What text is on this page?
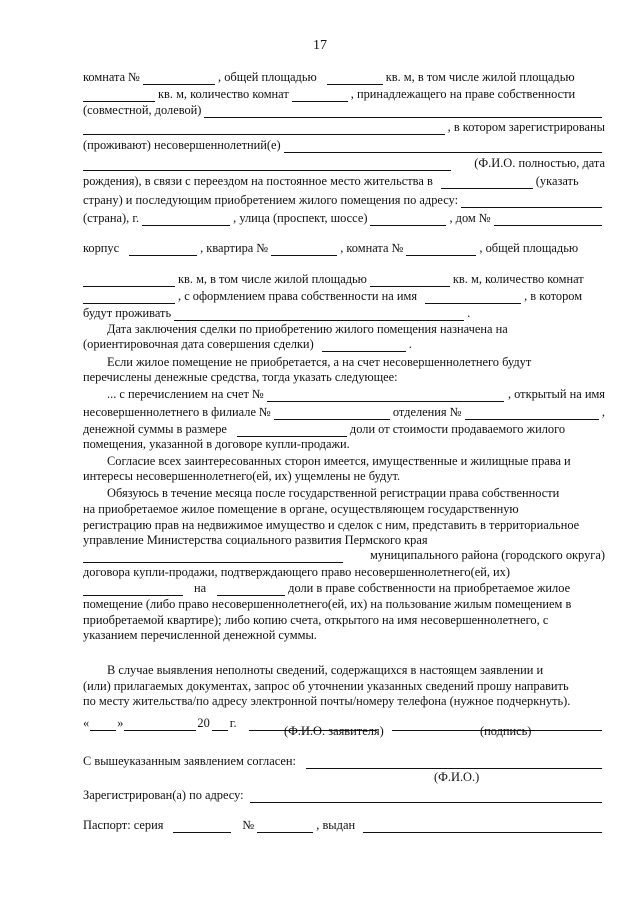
17
комната №	, общей площадью	кв. м, в том числе жилой площадью
кв. м, количество комнат	, принадлежащего на праве собственности
(совместной, долевой)
, в котором зарегистрированы
(проживают) несовершеннолетний(е)
(Ф.И.О. полностью, дата
рождения), в связи с переездом на постоянное место жительства в	(указать
страну) и последующим приобретением жилого помещения по адресу:
(страна), г.	, улица (проспект, шоссе)	, дом №
корпус	, квартира №	, комната №	, общей площадью
кв. м, в том числе жилой площадью	кв. м, количество комнат
, с оформлением права собственности на имя	, в котором
будут проживать	.
Дата заключения сделки по приобретению жилого помещения назначена на
(ориентировочная дата совершения сделки)	.
Если жилое помещение не приобретается, а на счет несовершеннолетнего будут
перечислены денежные средства, тогда указать следующее:
... с перечислением на счет №	, открытый на имя
несовершеннолетнего в филиале №	отделения №	,
денежной суммы в размере	доли от стоимости продаваемого жилого
помещения, указанной в договоре купли-продажи.
Согласие всех заинтересованных сторон имеется, имущественные и жилищные права и
интересы несовершеннолетнего(ей, их) ущемлены не будут.
Обязуюсь в течение месяца после государственной регистрации права собственности
на приобретаемое жилое помещение в органе, осуществляющем государственную
регистрацию прав на недвижимое имущество и сделок с ним, представить в территориальное
управление Министерства социального развития Пермского края
муниципального района (городского округа)
договора купли-продажи, подтверждающего право несовершеннолетнего(ей, их)
на	доли в праве собственности на приобретаемое жилое
помещение (либо право несовершеннолетнего(ей, их) на пользование жилым помещением в
приобретаемой квартире); либо копию счета, открытого на имя несовершеннолетнего, с
указанием перечисленной денежной суммы.
В случае выявления неполноты сведений, содержащихся в настоящем заявлении и
(или) прилагаемых документах, запрос об уточнении указанных сведений прошу направить
по месту жительства/по адресу электронной почты/номеру телефона (нужное подчеркнуть).
« »	20 г.
(Ф.И.О. заявителя)	(подпись)
С вышеуказанным заявлением согласен:
(Ф.И.О.)
Зарегистрирован(а) по адресу:
Паспорт: серия	№	, выдан
